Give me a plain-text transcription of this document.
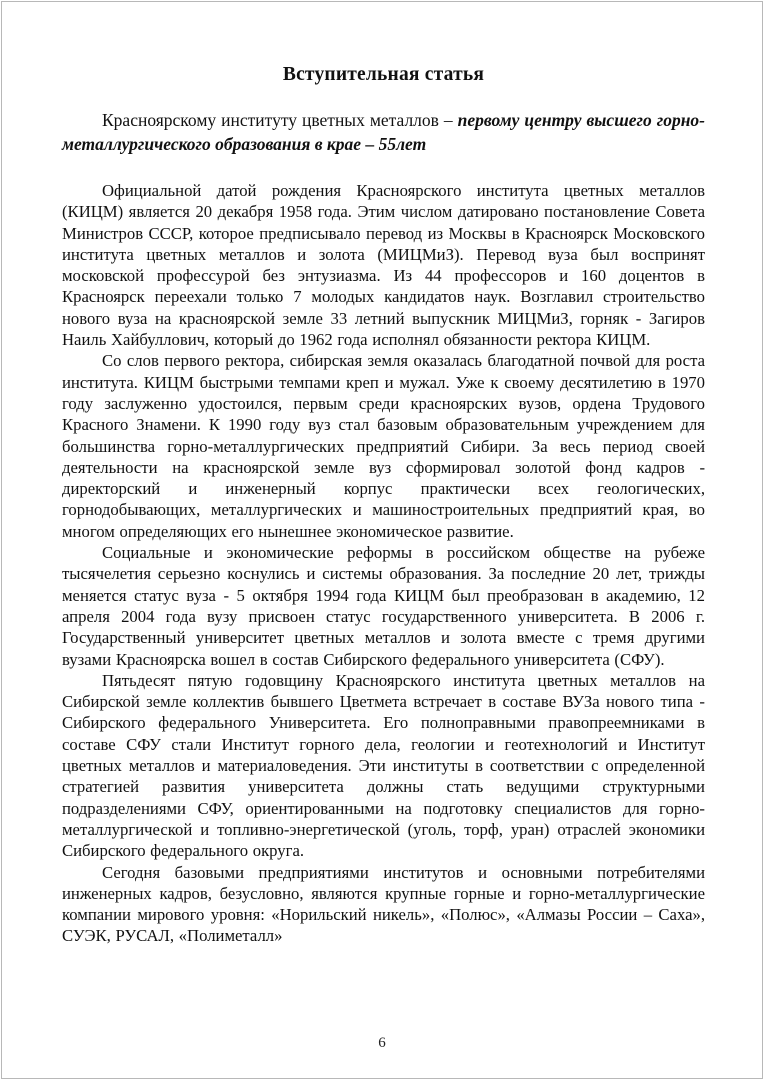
Вступительная статья

Красноярскому институту цветных металлов – первому центру высшего горно-металлургического образования в крае – 55лет

Официальной датой рождения Красноярского института цветных металлов (КИЦМ) является 20 декабря 1958 года. Этим числом датировано постановление Совета Министров СССР, которое предписывало перевод из Москвы в Красноярск Московского института цветных металлов и золота (МИЦМиЗ). Перевод вуза был воспринят московской профессурой без энтузиазма. Из 44 профессоров и 160 доцентов в Красноярск переехали только 7 молодых кандидатов наук. Возглавил строительство нового вуза на красноярской земле 33 летний выпускник МИЦМиЗ, горняк - Загиров Наиль Хайбуллович, который до 1962 года исполнял обязанности ректора КИЦМ.

Со слов первого ректора, сибирская земля оказалась благодатной почвой для роста института. КИЦМ быстрыми темпами креп и мужал. Уже к своему десятилетию в 1970 году заслуженно удостоился, первым среди красноярских вузов, ордена Трудового Красного Знамени. К 1990 году вуз стал базовым образовательным учреждением для большинства горно-металлургических предприятий Сибири. За весь период своей деятельности на красноярской земле вуз сформировал золотой фонд кадров - директорский и инженерный корпус практически всех геологических, горнодобывающих, металлургических и машиностроительных предприятий края, во многом определяющих его нынешнее экономическое развитие.

Социальные и экономические реформы в российском обществе на рубеже тысячелетия серьезно коснулись и системы образования. За последние 20 лет, трижды меняется статус вуза - 5 октября 1994 года КИЦМ был преобразован в академию, 12 апреля 2004 года вузу присвоен статус государственного университета. В 2006 г. Государственный университет цветных металлов и золота вместе с тремя другими вузами Красноярска вошел в состав Сибирского федерального университета (СФУ).

Пятьдесят пятую годовщину Красноярского института цветных металлов на Сибирской земле коллектив бывшего Цветмета встречает в составе ВУЗа нового типа - Сибирского федерального Университета. Его полноправными правопреемниками в составе СФУ стали Институт горного дела, геологии и геотехнологий и Институт цветных металлов и материаловедения. Эти институты в соответствии с определенной стратегией развития университета должны стать ведущими структурными подразделениями СФУ, ориентированными на подготовку специалистов для горно-металлургической и топливно-энергетической (уголь, торф, уран) отраслей экономики Сибирского федерального округа.

Сегодня базовыми предприятиями институтов и основными потребителями инженерных кадров, безусловно, являются крупные горные и горно-металлургические компании мирового уровня: «Норильский никель», «Полюс», «Алмазы России – Саха», СУЭК, РУСАЛ, «Полиметалл»

6
